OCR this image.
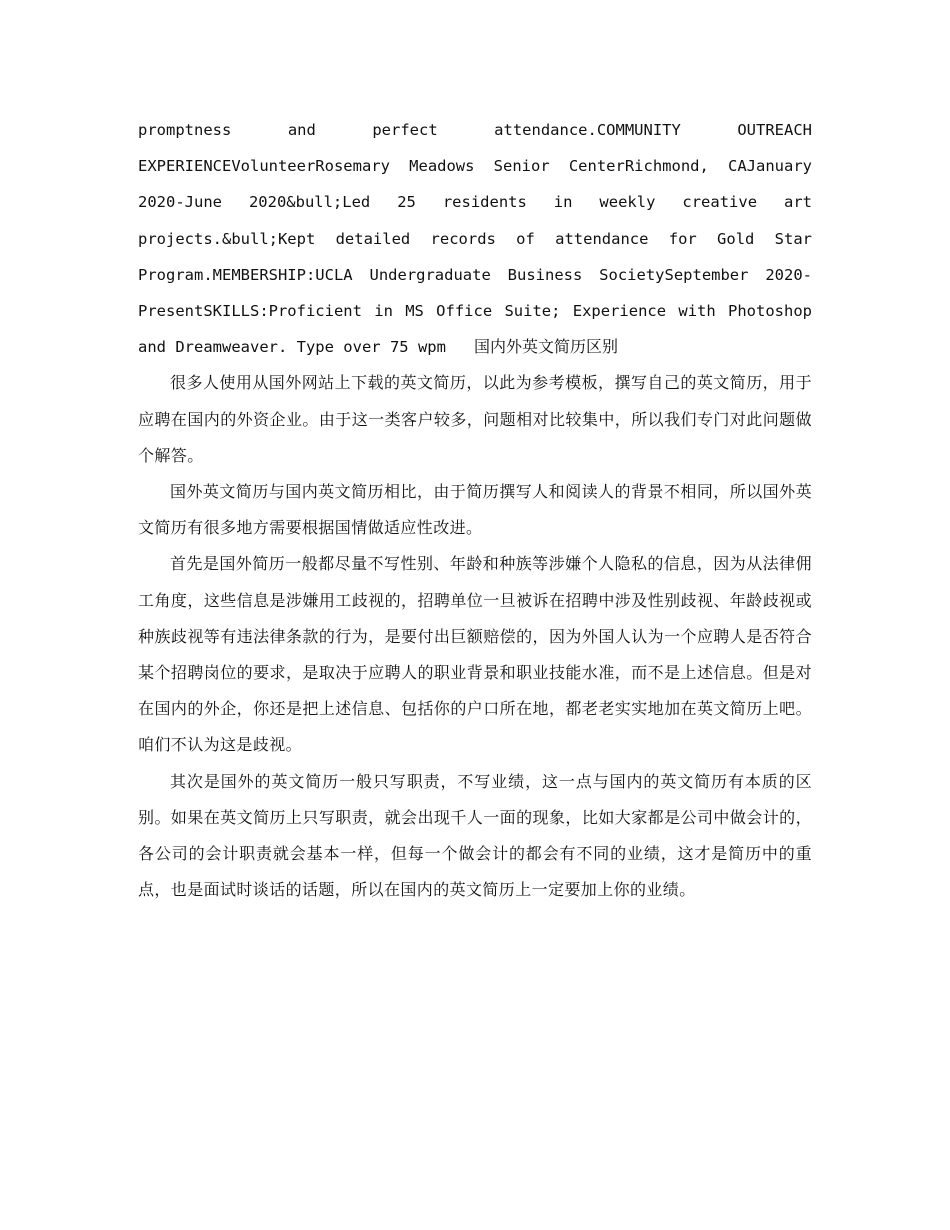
promptness and perfect attendance.COMMUNITY OUTREACH
EXPERIENCEVolunteerRosemary Meadows Senior CenterRichmond, CAJanuary
2020-June 2020&bull;Led 25 residents in weekly creative art
projects.&bull;Kept detailed records of attendance for Gold Star
Program.MEMBERSHIP:UCLA Undergraduate Business SocietySeptember 2020-
PresentSKILLS:Proficient in MS Office Suite; Experience with Photoshop
and Dreamweaver. Type over 75 wpm 国内外英文简历区别

很多人使用从国外网站上下载的英文简历，以此为参考模板，撰写自己的英文简历，用于应聘在国内的外资企业。由于这一类客户较多，问题相对比较集中，所以我们专门对此问题做个解答。

国外英文简历与国内英文简历相比，由于简历撰写人和阅读人的背景不相同，所以国外英文简历有很多地方需要根据国情做适应性改进。

首先是国外简历一般都尽量不写性别、年龄和种族等涉嫌个人隐私的信息，因为从法律佣工角度，这些信息是涉嫌用工歧视的，招聘单位一旦被诉在招聘中涉及性别歧视、年龄歧视或种族歧视等有违法律条款的行为，是要付出巨额赔偿的，因为外国人认为一个应聘人是否符合某个招聘岗位的要求，是取决于应聘人的职业背景和职业技能水准，而不是上述信息。但是对在国内的外企，你还是把上述信息、包括你的户口所在地，都老老实实地加在英文简历上吧。咱们不认为这是歧视。

其次是国外的英文简历一般只写职责，不写业绩，这一点与国内的英文简历有本质的区别。如果在英文简历上只写职责，就会出现千人一面的现象，比如大家都是公司中做会计的，各公司的会计职责就会基本一样，但每一个做会计的都会有不同的业绩，这才是简历中的重点，也是面试时谈话的话题，所以在国内的英文简历上一定要加上你的业绩。
